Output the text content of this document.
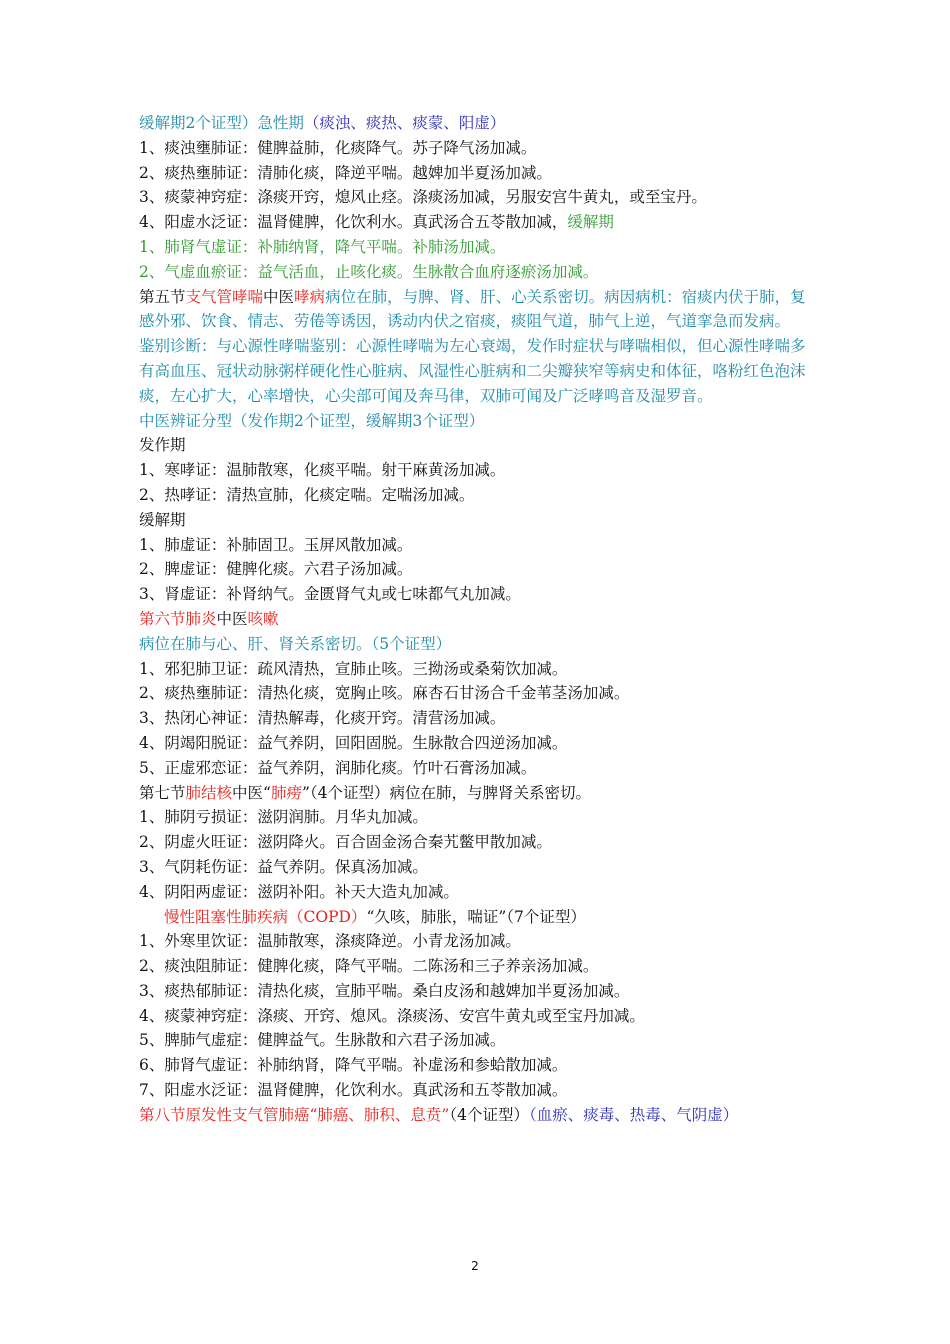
缓解期2个证型）急性期（痰浊、痰热、痰蒙、阳虚）
1、痰浊壅肺证：健脾益肺，化痰降气。苏子降气汤加减。
2、痰热壅肺证：清肺化痰，降逆平喘。越婢加半夏汤加减。
3、痰蒙神窍症：涤痰开窍，熄风止痉。涤痰汤加减，另服安宫牛黄丸，或至宝丹。
4、阳虚水泛证：温肾健脾，化饮利水。真武汤合五苓散加减，缓解期
1、肺肾气虚证：补肺纳肾，降气平喘。补肺汤加减。
2、气虚血瘀证：益气活血，止咳化痰。生脉散合血府逐瘀汤加减。
第五节支气管哮喘中医哮病病位在肺，与脾、肾、肝、心关系密切。病因病机：宿痰内伏于肺，复感外邪、饮食、情志、劳倦等诱因，诱动内伏之宿痰，痰阻气道，肺气上逆，气道挛急而发病。
鉴别诊断：与心源性哮喘鉴别：心源性哮喘为左心衰竭，发作时症状与哮喘相似，但心源性哮喘多有高血压、冠状动脉粥样硬化性心脏病、风湿性心脏病和二尖瓣狭窄等病史和体征，咯粉红色泡沫痰，左心扩大，心率增快，心尖部可闻及奔马律，双肺可闻及广泛哮鸣音及湿罗音。
中医辨证分型（发作期2个证型，缓解期3个证型）
发作期
1、寒哮证：温肺散寒，化痰平喘。射干麻黄汤加减。
2、热哮证：清热宣肺，化痰定喘。定喘汤加减。
缓解期
1、肺虚证：补肺固卫。玉屏风散加减。
2、脾虚证：健脾化痰。六君子汤加减。
3、肾虚证：补肾纳气。金匮肾气丸或七味都气丸加减。
第六节肺炎中医咳嗽
病位在肺与心、肝、肾关系密切。（5个证型）
1、邪犯肺卫证：疏风清热，宣肺止咳。三拗汤或桑菊饮加减。
2、痰热壅肺证：清热化痰，宽胸止咳。麻杏石甘汤合千金苇茎汤加减。
3、热闭心神证：清热解毒，化痰开窍。清营汤加减。
4、阴竭阳脱证：益气养阴，回阳固脱。生脉散合四逆汤加减。
5、正虚邪恋证：益气养阴，润肺化痰。竹叶石膏汤加减。
第七节肺结核中医“肺痨”（4个证型）病位在肺，与脾肾关系密切。
1、肺阴亏损证：滋阴润肺。月华丸加减。
2、阴虚火旺证：滋阴降火。百合固金汤合秦艽鳖甲散加减。
3、气阴耗伤证：益气养阴。保真汤加减。
4、阴阳两虚证：滋阴补阳。补天大造丸加减。
慢性阻塞性肺疾病（COPD）“久咳，肺胀，喘证”（7个证型）
1、外寒里饮证：温肺散寒，涤痰降逆。小青龙汤加减。
2、痰浊阻肺证：健脾化痰，降气平喘。二陈汤和三子养亲汤加减。
3、痰热郁肺证：清热化痰，宣肺平喘。桑白皮汤和越婢加半夏汤加减。
4、痰蒙神窍症：涤痰、开窍、熄风。涤痰汤、安宫牛黄丸或至宝丹加减。
5、脾肺气虚症：健脾益气。生脉散和六君子汤加减。
6、肺肾气虚证：补肺纳肾，降气平喘。补虚汤和参蛤散加减。
7、阳虚水泛证：温肾健脾，化饮利水。真武汤和五苓散加减。
第八节原发性支气管肺癌“肺癌、肺积、息贲”（4个证型）（血瘀、痰毒、热毒、气阴虚）
2
